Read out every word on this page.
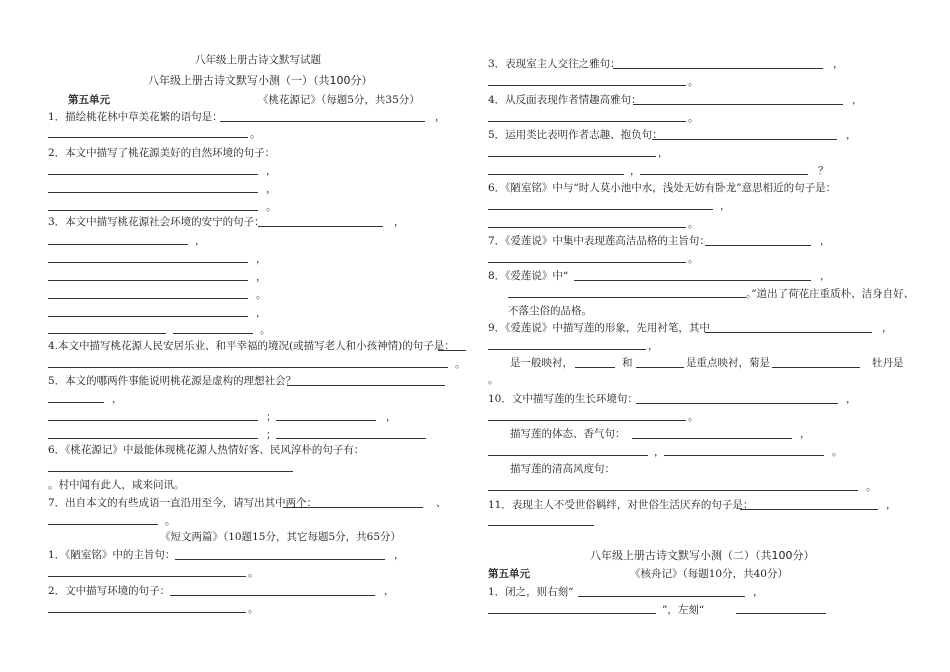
八年级上册古诗文默写试题
八年级上册古诗文默写小测（一）（共100分）
第五单元	《桃花源记》（每题5分，共35分）
1．描绘桃花林中草美花繁的语句是：	，
。
2．本文中描写了桃花源美好的自然环境的句子：
，
，
。
3．本文中描写桃花源社会环境的安宁的句子：	，
，
，
，
。
，
。
4.本文中描写桃花源人民安居乐业、和平幸福的境况(或描写老人和小孩神情)的句子是：
。
5．本文的哪两件事能说明桃花源是虚构的理想社会？
，
；	，
；
6．《桃花源记》中最能体现桃花源人热情好客、民风淳朴的句子有：
。村中闻有此人，咸来问讯。
7．出自本文的有些成语一直沿用至今，请写出其中两个：	、
。
《短文两篇》（10题15分，其它每题5分，共65分）
1．《陋室铭》中的主旨句：	，
。
2．文中描写环境的句子：	，
。
3．表现室主人交往之雅句：	，
。
4．从反面表现作者情趣高雅句：	，
。
5．运用类比表明作者志趣、抱负句：	，
，
，	？
6．《陋室铭》中与“时人莫小池中水，浅处无妨有卧龙”意思相近的句子是：
，
。
7．《爱莲说》中集中表现莲高洁品格的主旨句：	，
。
8．《爱莲说》中“	，
。”道出了荷花庄重质朴、洁身自好、
不落尘俗的品格。
9．《爱莲说》中描写莲的形象，先用衬笔，其中	，
，
是一般映衬，	和	是重点映衬，菊是	牡丹是
。
10．文中描写莲的生长环境句：	，
。
描写莲的体态、香气句：	，
，	。
描写莲的清高风度句：
。
11．表现主人不受世俗羁绊，对世俗生活厌弃的句子是：	，
八年级上册古诗文默写小测（二）（共100分）
第五单元	《核舟记》（每题10分，共40分）
1．闭之，则右刻“	，
”，左刻“
